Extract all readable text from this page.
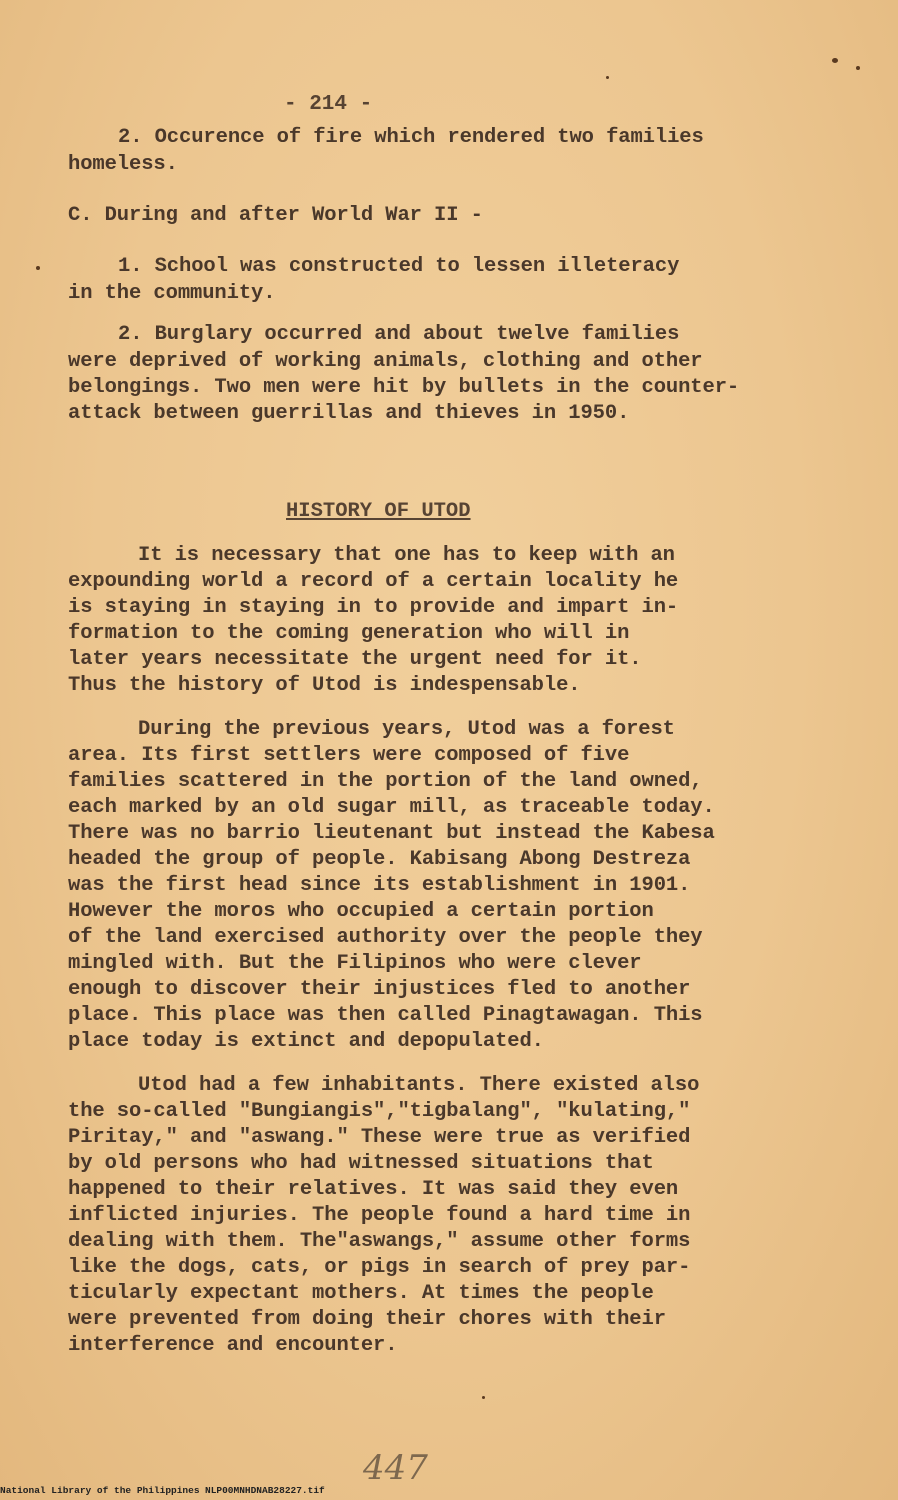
- 214 -
2. Occurence of fire which rendered two families
homeless.
C. During and after World War II -
1. School was constructed to lessen illeteracy
in the community.
2. Burglary occurred and about twelve families
were deprived of working animals, clothing and other
belongings. Two men were hit by bullets in the counter-
attack between guerrillas and thieves in 1950.
HISTORY OF UTOD
It is necessary that one has to keep with an
expounding world a record of a certain locality he
is staying in staying in to provide and impart in-
formation to the coming generation who will in
later years necessitate the urgent need for it.
Thus the history of Utod is indespensable.
During the previous years, Utod was a forest
area. Its first settlers were composed of five
families scattered in the portion of the land owned,
each marked by an old sugar mill, as traceable today.
There was no barrio lieutenant but instead the Kabesa
headed the group of people. Kabisang Abong Destreza
was the first head since its establishment in 1901.
However the moros who occupied a certain portion
of the land exercised authority over the people they
mingled with. But the Filipinos who were clever
enough to discover their injustices fled to another
place. This place was then called Pinagtawagan. This
place today is extinct and depopulated.
Utod had a few inhabitants. There existed also
the so-called "Bungiangis","tigbalang", "kulating,"
Piritay," and "aswang." These were true as verified
by old persons who had witnessed situations that
happened to their relatives. It was said they even
inflicted injuries. The people found a hard time in
dealing with them. The"aswangs," assume other forms
like the dogs, cats, or pigs in search of prey par-
ticularly expectant mothers. At times the people
were prevented from doing their chores with their
interference and encounter.
447
National Library of the Philippines NLP00MNHDNAB28227.tif
